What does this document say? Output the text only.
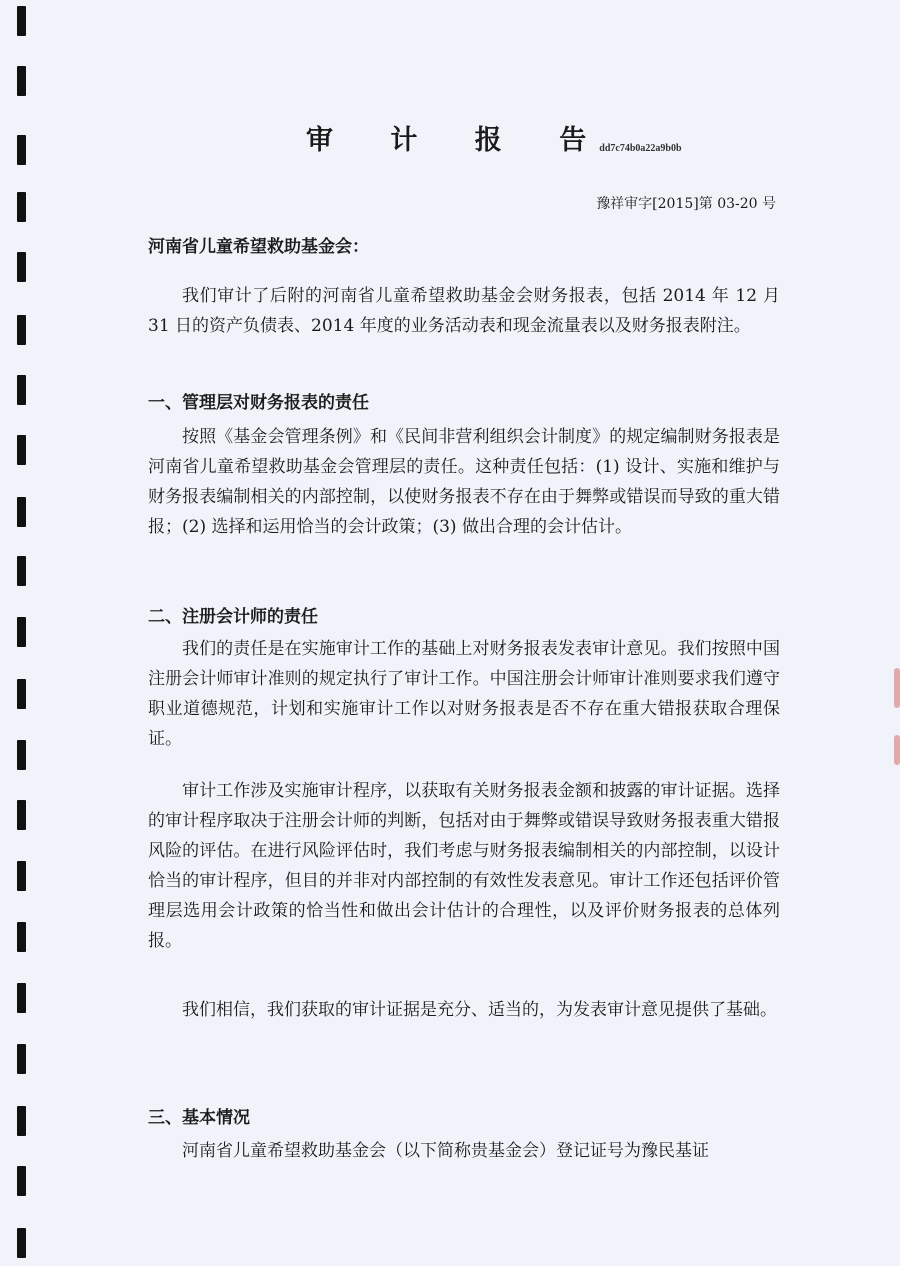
审 计 报 告 dd7c74b0a22a9b0b
豫祥审字[2015]第 03-20 号
河南省儿童希望救助基金会：

我们审计了后附的河南省儿童希望救助基金会财务报表，包括 2014 年 12 月 31 日的资产负债表、2014 年度的业务活动表和现金流量表以及财务报表附注。

一、管理层对财务报表的责任

按照《基金会管理条例》和《民间非营利组织会计制度》的规定编制财务报表是河南省儿童希望救助基金会管理层的责任。这种责任包括：(1) 设计、实施和维护与财务报表编制相关的内部控制，以使财务报表不存在由于舞弊或错误而导致的重大错报；(2) 选择和运用恰当的会计政策；(3) 做出合理的会计估计。

二、注册会计师的责任

我们的责任是在实施审计工作的基础上对财务报表发表审计意见。我们按照中国注册会计师审计准则的规定执行了审计工作。中国注册会计师审计准则要求我们遵守职业道德规范，计划和实施审计工作以对财务报表是否不存在重大错报获取合理保证。

审计工作涉及实施审计程序，以获取有关财务报表金额和披露的审计证据。选择的审计程序取决于注册会计师的判断，包括对由于舞弊或错误导致财务报表重大错报风险的评估。在进行风险评估时，我们考虑与财务报表编制相关的内部控制，以设计恰当的审计程序，但目的并非对内部控制的有效性发表意见。审计工作还包括评价管理层选用会计政策的恰当性和做出会计估计的合理性，以及评价财务报表的总体列报。

我们相信，我们获取的审计证据是充分、适当的，为发表审计意见提供了基础。

三、基本情况

河南省儿童希望救助基金会（以下简称贵基金会）登记证号为豫民基证
